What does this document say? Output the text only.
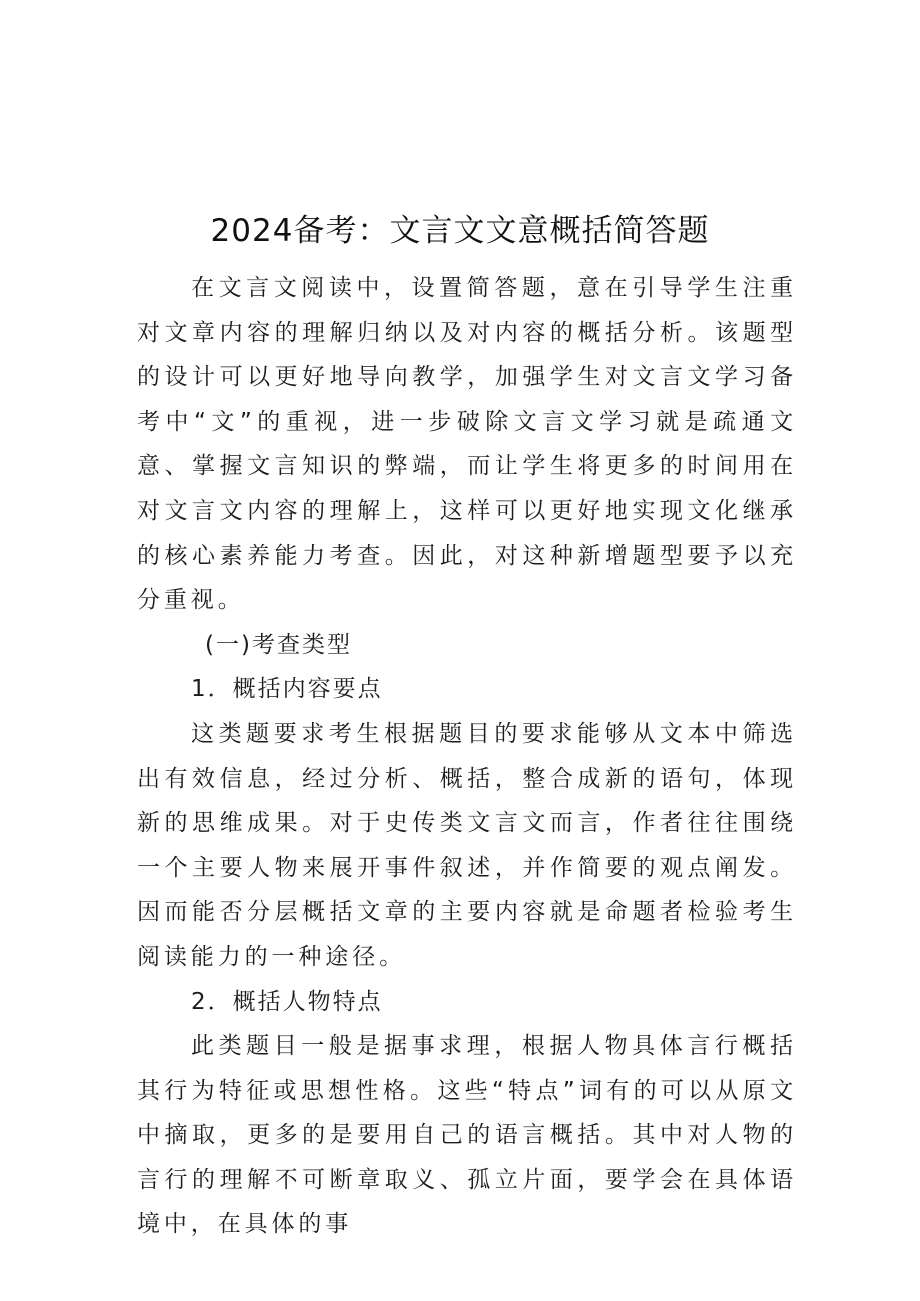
2024备考：文言文文意概括简答题

在文言文阅读中，设置简答题，意在引导学生注重对文章内容的理解归纳以及对内容的概括分析。该题型的设计可以更好地导向教学，加强学生对文言文学习备考中“文”的重视，进一步破除文言文学习就是疏通文意、掌握文言知识的弊端，而让学生将更多的时间用在对文言文内容的理解上，这样可以更好地实现文化继承的核心素养能力考查。因此，对这种新增题型要予以充分重视。

(一)考查类型

1．概括内容要点

这类题要求考生根据题目的要求能够从文本中筛选出有效信息，经过分析、概括，整合成新的语句，体现新的思维成果。对于史传类文言文而言，作者往往围绕一个主要人物来展开事件叙述，并作简要的观点阐发。因而能否分层概括文章的主要内容就是命题者检验考生阅读能力的一种途径。

2．概括人物特点

此类题目一般是据事求理，根据人物具体言行概括其行为特征或思想性格。这些“特点”词有的可以从原文中摘取，更多的是要用自己的语言概括。其中对人物的言行的理解不可断章取义、孤立片面，要学会在具体语境中，在具体的事
